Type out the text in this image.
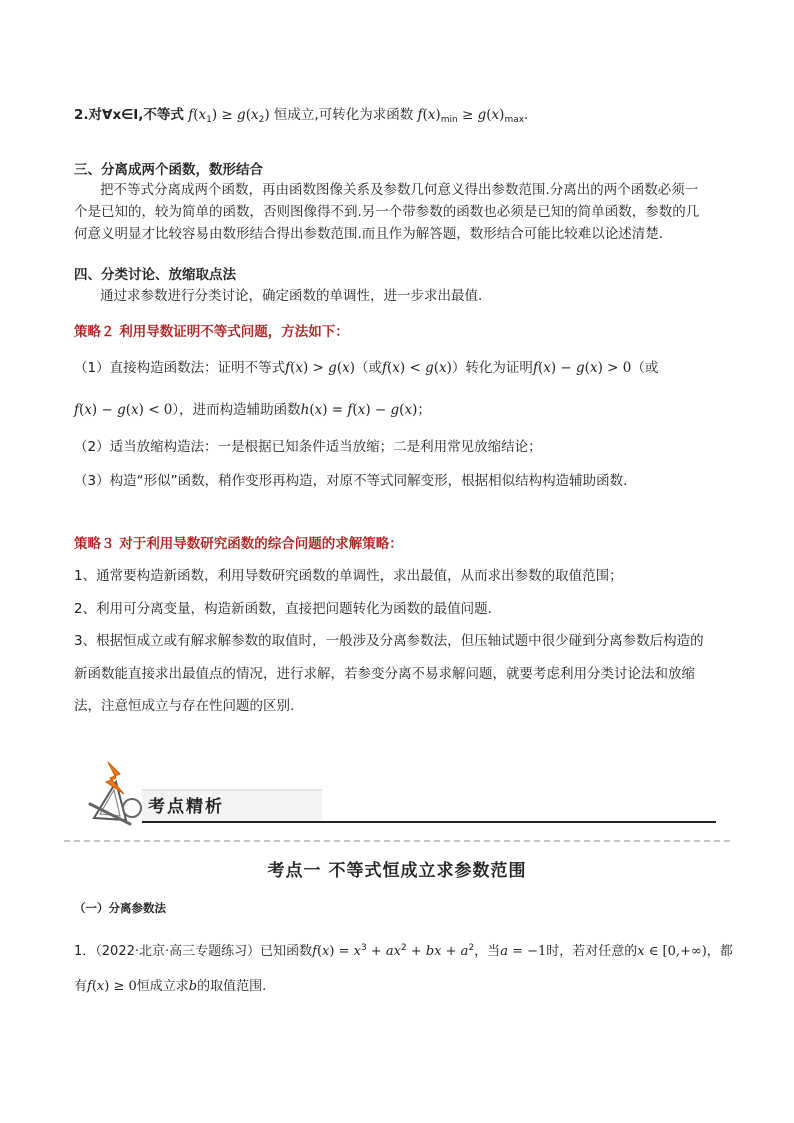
2.对∀x∈I,不等式 $f(x_1) \ge g(x_2)$ 恒成立,可转化为求函数 $f(x)_{min} \ge g(x)_{max}$.
三、分离成两个函数，数形结合
把不等式分离成两个函数，再由函数图像关系及参数几何意义得出参数范围.分离出的两个函数必须一
个是已知的，较为简单的函数，否则图像得不到.另一个带参数的函数也必须是已知的简单函数，参数的几
何意义明显才比较容易由数形结合得出参数范围.而且作为解答题，数形结合可能比较难以论述清楚.
四、分类讨论、放缩取点法
通过求参数进行分类讨论，确定函数的单调性，进一步求出最值.
策略２ 利用导数证明不等式问题，方法如下：
（1）直接构造函数法：证明不等式f(x) > g(x)（或f(x) < g(x)）转化为证明f(x) − g(x) > 0（或
f(x) − g(x) < 0），进而构造辅助函数h(x) = f(x) − g(x)；
（2）适当放缩构造法：一是根据已知条件适当放缩；二是利用常见放缩结论；
（3）构造“形似”函数，稍作变形再构造，对原不等式同解变形，根据相似结构构造辅助函数.
策略３ 对于利用导数研究函数的综合问题的求解策略：
1、通常要构造新函数，利用导数研究函数的单调性，求出最值，从而求出参数的取值范围；
2、利用可分离变量，构造新函数，直接把问题转化为函数的最值问题.
3、根据恒成立或有解求解参数的取值时，一般涉及分离参数法，但压轴试题中很少碰到分离参数后构造的
新函数能直接求出最值点的情况，进行求解，若参变分离不易求解问题，就要考虑利用分类讨论法和放缩
法，注意恒成立与存在性问题的区别.
考点精析
考点一 不等式恒成立求参数范围
（一）分离参数法
1．（2022·北京·高三专题练习）已知函数$f(x) = x^3 + ax^2$ + bx + $a^2$，当a = −1时，若对任意的x ∈ [0,+∞)，都
有f(x) ≥ 0恒成立求b的取值范围.
